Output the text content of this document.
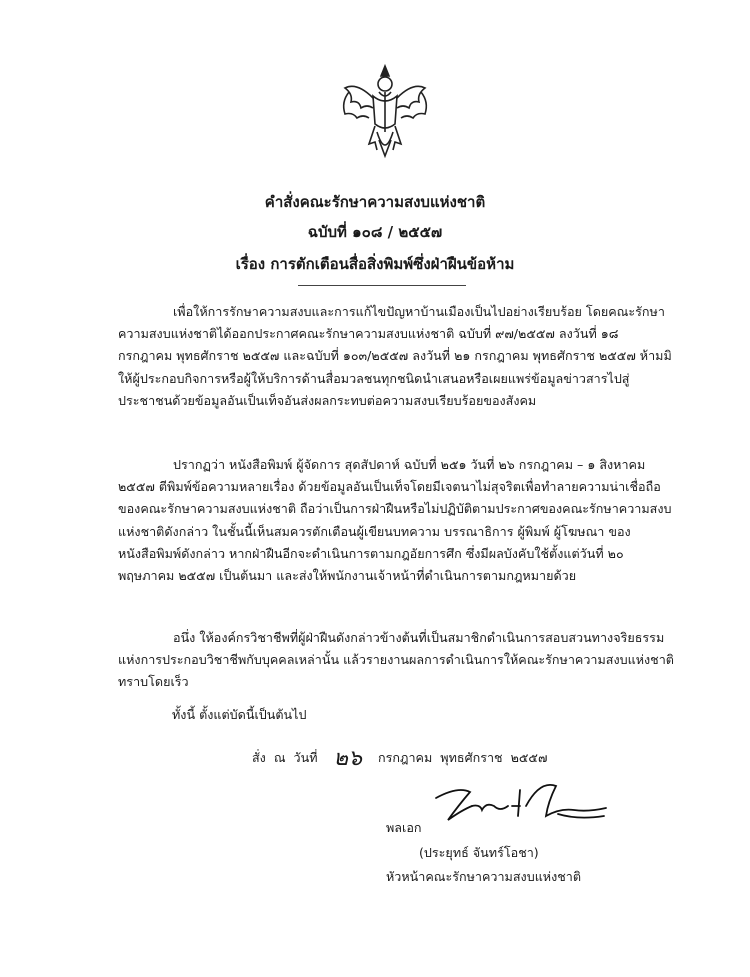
คำสั่งคณะรักษาความสงบแห่งชาติ
ฉบับที่ ๑๐๘ / ๒๕๕๗
เรื่อง การตักเตือนสื่อสิ่งพิมพ์ซึ่งฝ่าฝืนข้อห้าม

เพื่อให้การรักษาความสงบและการแก้ไขปัญหาบ้านเมืองเป็นไปอย่างเรียบร้อย โดยคณะรักษาความสงบแห่งชาติได้ออกประกาศคณะรักษาความสงบแห่งชาติ ฉบับที่ ๙๗/๒๕๕๗ ลงวันที่ ๑๘ กรกฎาคม พุทธศักราช ๒๕๕๗ และฉบับที่ ๑๐๓/๒๕๕๗ ลงวันที่ ๒๑ กรกฎาคม พุทธศักราช ๒๕๕๗ ห้ามมิให้ผู้ประกอบกิจการหรือผู้ให้บริการด้านสื่อมวลชนทุกชนิดนำเสนอหรือเผยแพร่ข้อมูลข่าวสารไปสู่ประชาชนด้วยข้อมูลอันเป็นเท็จอันส่งผลกระทบต่อความสงบเรียบร้อยของสังคม

ปรากฏว่า หนังสือพิมพ์ ผู้จัดการ สุดสัปดาห์ ฉบับที่ ๒๕๑ วันที่ ๒๖ กรกฎาคม – ๑ สิงหาคม ๒๕๕๗ ตีพิมพ์ข้อความหลายเรื่อง ด้วยข้อมูลอันเป็นเท็จโดยมีเจตนาไม่สุจริตเพื่อทำลายความน่าเชื่อถือของคณะรักษาความสงบแห่งชาติ ถือว่าเป็นการฝ่าฝืนหรือไม่ปฏิบัติตามประกาศของคณะรักษาความสงบแห่งชาติดังกล่าว ในชั้นนี้เห็นสมควรตักเตือนผู้เขียนบทความ บรรณาธิการ ผู้พิมพ์ ผู้โฆษณา ของหนังสือพิมพ์ดังกล่าว หากฝ่าฝืนอีกจะดำเนินการตามกฎอัยการศึก ซึ่งมีผลบังคับใช้ตั้งแต่วันที่ ๒๐ พฤษภาคม ๒๕๕๗ เป็นต้นมา และส่งให้พนักงานเจ้าหน้าที่ดำเนินการตามกฎหมายด้วย

อนึ่ง ให้องค์กรวิชาชีพที่ผู้ฝ่าฝืนดังกล่าวข้างต้นที่เป็นสมาชิกดำเนินการสอบสวนทางจริยธรรมแห่งการประกอบวิชาชีพกับบุคคลเหล่านั้น แล้วรายงานผลการดำเนินการให้คณะรักษาความสงบแห่งชาติทราบโดยเร็ว

ทั้งนี้ ตั้งแต่บัดนี้เป็นต้นไป
สั่ง ณ วันที่ ๒๖ กรกฎาคม พุทธศักราช ๒๕๕๗
พลเอก
(ประยุทธ์ จันทร์โอชา)
หัวหน้าคณะรักษาความสงบแห่งชาติ
